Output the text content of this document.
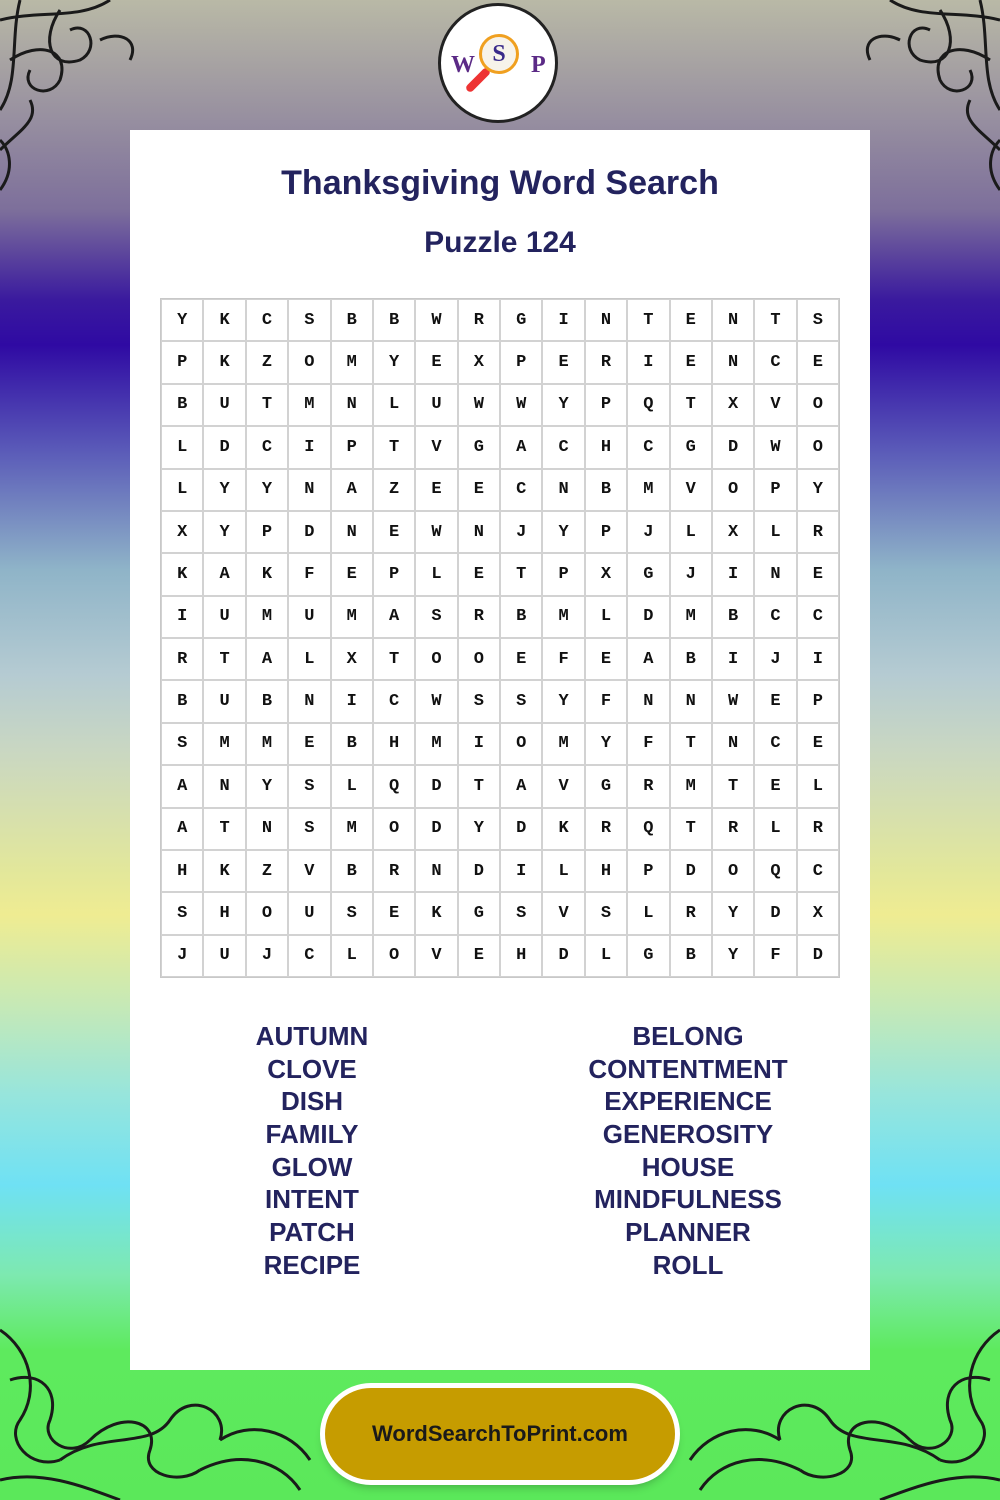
W S	P
Thanksgiving Word Search
Puzzle 124
Y	K	C	S	B	B	W	R	G	I	N	T	E	N	T	S
P	K	Z	O	M	Y	E	X	P	E	R	I	E	N	C	E
B	U	T	M	N	L	U	W	W	Y	P	Q	T	X	V	O
L	D	C	I	P	T	V	G	A	C	H	C	G	D	W	O
L	Y	Y	N	A	Z	E	E	C	N	B	M	V	O	P	Y
X	Y	P	D	N	E	W	N	J	Y	P	J	L	X	L	R
K	A	K	F	E	P	L	E	T	P	X	G	J	I	N	E
I	U	M	U	M	A	S	R	B	M	L	D	M	B	C	C
R	T	A	L	X	T	O	O	E	F	E	A	B	I	J	I
B	U	B	N	I	C	W	S	S	Y	F	N	N	W	E	P
S	M	M	E	B	H	M	I	O	M	Y	F	T	N	C	E
A	N	Y	S	L	Q	D	T	A	V	G	R	M	T	E	L
A	T	N	S	M	O	D	Y	D	K	R	Q	T	R	L	R
H	K	Z	V	B	R	N	D	I	L	H	P	D	O	Q	C
S	H	O	U	S	E	K	G	S	V	S	L	R	Y	D	X
J	U	J	C	L	O	V	E	H	D	L	G	B	Y	F	D
AUTUMN
CLOVE
DISH
FAMILY
GLOW
INTENT
PATCH
RECIPE
BELONG
CONTENTMENT
EXPERIENCE
GENEROSITY
HOUSE
MINDFULNESS
PLANNER
ROLL
WordSearchToPrint.com
